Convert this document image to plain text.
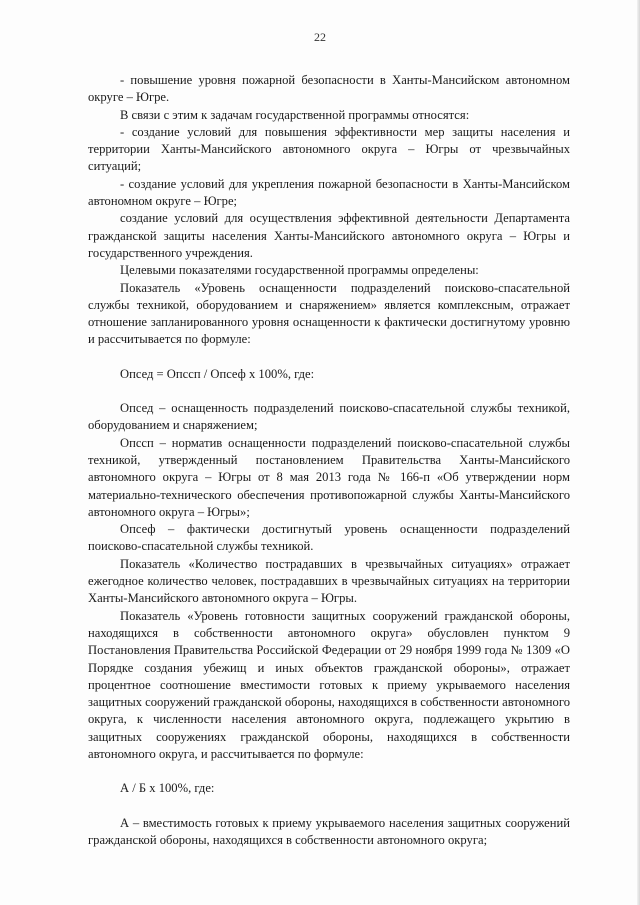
22

- повышение уровня пожарной безопасности в Ханты-Мансийском автономном округе – Югре.

В связи с этим к задачам государственной программы относятся:

- создание условий для повышения эффективности мер защиты населения и территории Ханты-Мансийского автономного округа – Югры от чрезвычайных ситуаций;

- создание условий для укрепления пожарной безопасности в Ханты-Мансийском автономном округе – Югре;

создание условий для осуществления эффективной деятельности Департамента гражданской защиты населения Ханты-Мансийского автономного округа – Югры и государственного учреждения.

Целевыми показателями государственной программы определены:

Показатель «Уровень оснащенности подразделений поисково-спасательной службы техникой, оборудованием и снаряжением» является комплексным, отражает отношение запланированного уровня оснащенности к фактически достигнутому уровню и рассчитывается по формуле:

Опсед = Опссп / Опсеф х 100%, где:

Опсед – оснащенность подразделений поисково-спасательной службы техникой, оборудованием и снаряжением;

Опссп – норматив оснащенности подразделений поисково-спасательной службы техникой, утвержденный постановлением Правительства Ханты-Мансийского автономного округа – Югры от 8 мая 2013 года № 166-п «Об утверждении норм материально-технического обеспечения противопожарной службы Ханты-Мансийского автономного округа – Югры»;

Опсеф – фактически достигнутый уровень оснащенности подразделений поисково-спасательной службы техникой.

Показатель «Количество пострадавших в чрезвычайных ситуациях» отражает ежегодное количество человек, пострадавших в чрезвычайных ситуациях на территории Ханты-Мансийского автономного округа – Югры.

Показатель «Уровень готовности защитных сооружений гражданской обороны, находящихся в собственности автономного округа» обусловлен пунктом 9 Постановления Правительства Российской Федерации от 29 ноября 1999 года № 1309 «О Порядке создания убежищ и иных объектов гражданской обороны», отражает процентное соотношение вместимости готовых к приему укрываемого населения защитных сооружений гражданской обороны, находящихся в собственности автономного округа, к численности населения автономного округа, подлежащего укрытию в защитных сооружениях гражданской обороны, находящихся в собственности автономного округа, и рассчитывается по формуле:

А / Б х 100%, где:

А – вместимость готовых к приему укрываемого населения защитных сооружений гражданской обороны, находящихся в собственности автономного округа;
